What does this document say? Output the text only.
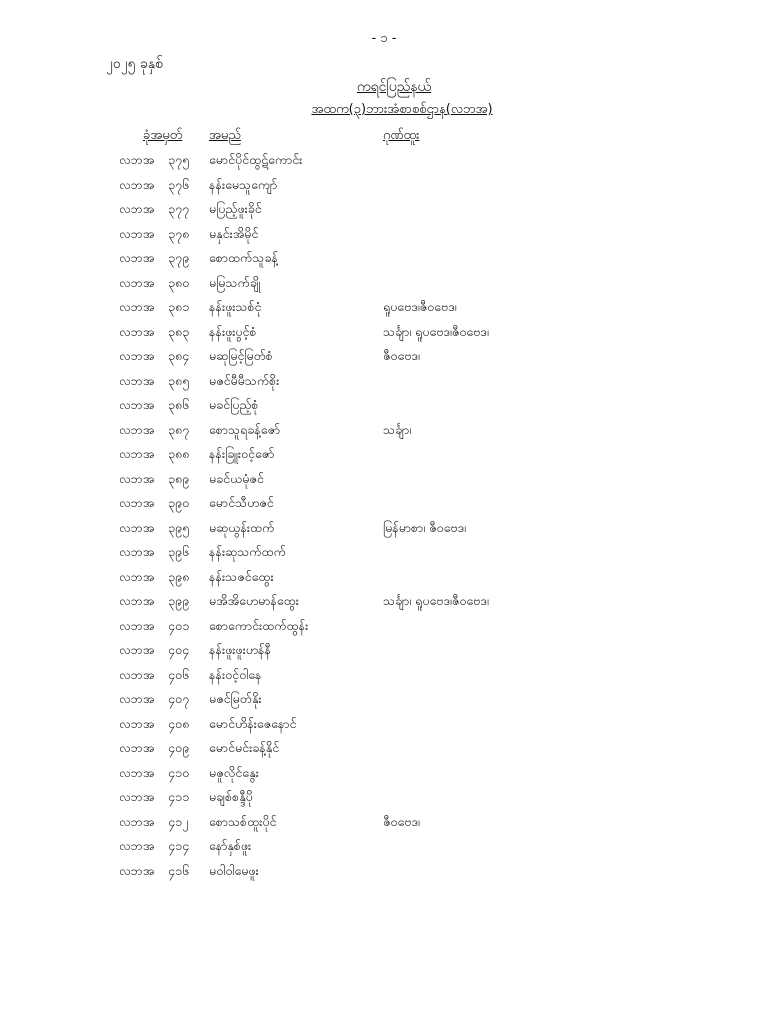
- ၁ -
၂၀၂၅ ခုနှစ်
ကရင်ပြည်နယ်
အထက(၃)ဘားအံစာစစ်ဌာန(လဘအ)
ခုံအမှတ် အမည်	ဂုဏ်ထူး
လဘအ ၃၇၅ မောင်ပိုင်ထွဋ်ကောင်း
လဘအ ၃၇၆ နန်းမေသူကျော်
လဘအ ၃၇၇ မပြည့်ဖူးခိုင်
လဘအ ၃၇၈ မနှင်းအိမိုင်
လဘအ ၃၇၉ စောထက်သူခန့်
လဘအ ၃၈၀ မမြသက်ချို
လဘအ ၃၈၁ နန်းဖူးသစ်ငုံ	ရူပဗေဒ၊ဇီဝဗေဒ၊
လဘအ ၃၈၃ နန်းဖူးပွင့်စံ	သင်္ချာ၊ ရူပဗေဒ၊ဇီဝဗေဒ၊
လဘအ ၃၈၄ မဆုမြင့်မြတ်စံ	ဇီဝဗေဒ၊
လဘအ ၃၈၅ မဇင်မီမီသက်စိုး
လဘအ ၃၈၆ မခင်ပြည့်စုံ
လဘအ ၃၈၇ စောသူရခန့်ဇော်	သင်္ချာ၊
လဘအ ၃၈၈ နန်းခြူးဝင့်ဇော်
လဘအ ၃၈၉ မခင်ယမုံဇင်
လဘအ ၃၉၀ မောင်သီဟဇင်
လဘအ ၃၉၅ မဆုယွန်းထက်	မြန်မာစာ၊ ဇီဝဗေဒ၊
လဘအ ၃၉၆ နန်းဆုသက်ထက်
လဘအ ၃၉၈ နန်းသဇင်ထွေး
လဘအ ၃၉၉ မအိအိဟေမာန်ထွေး	သင်္ချာ၊ ရူပဗေဒ၊ဇီဝဗေဒ၊
လဘအ ၄၀၁ စောကောင်းထက်ထွန်း
လဘအ ၄၀၄ နန်းဖူးဖူးဟန်နီ
လဘအ ၄၀၆ နန်းဝင့်ဝါနေ
လဘအ ၄၀၇ မဇင်မြတ်နိုး
လဘအ ၄၀၈ မောင်ဟိန်းဇေနောင်
လဘအ ၄၀၉ မောင်မင်းခန့်နိုင်
လဘအ ၄၁၀ မဇူလိုင်နွေး
လဘအ ၄၁၁ မချစ်စန္ဒီပို
လဘအ ၄၁၂ စောသစ်ထူးပိုင်	ဇီဝဗေဒ၊
လဘအ ၄၁၄ နော်နှစ်ဖူး
လဘအ ၄၁၆ မဝါဝါမေဖူး
